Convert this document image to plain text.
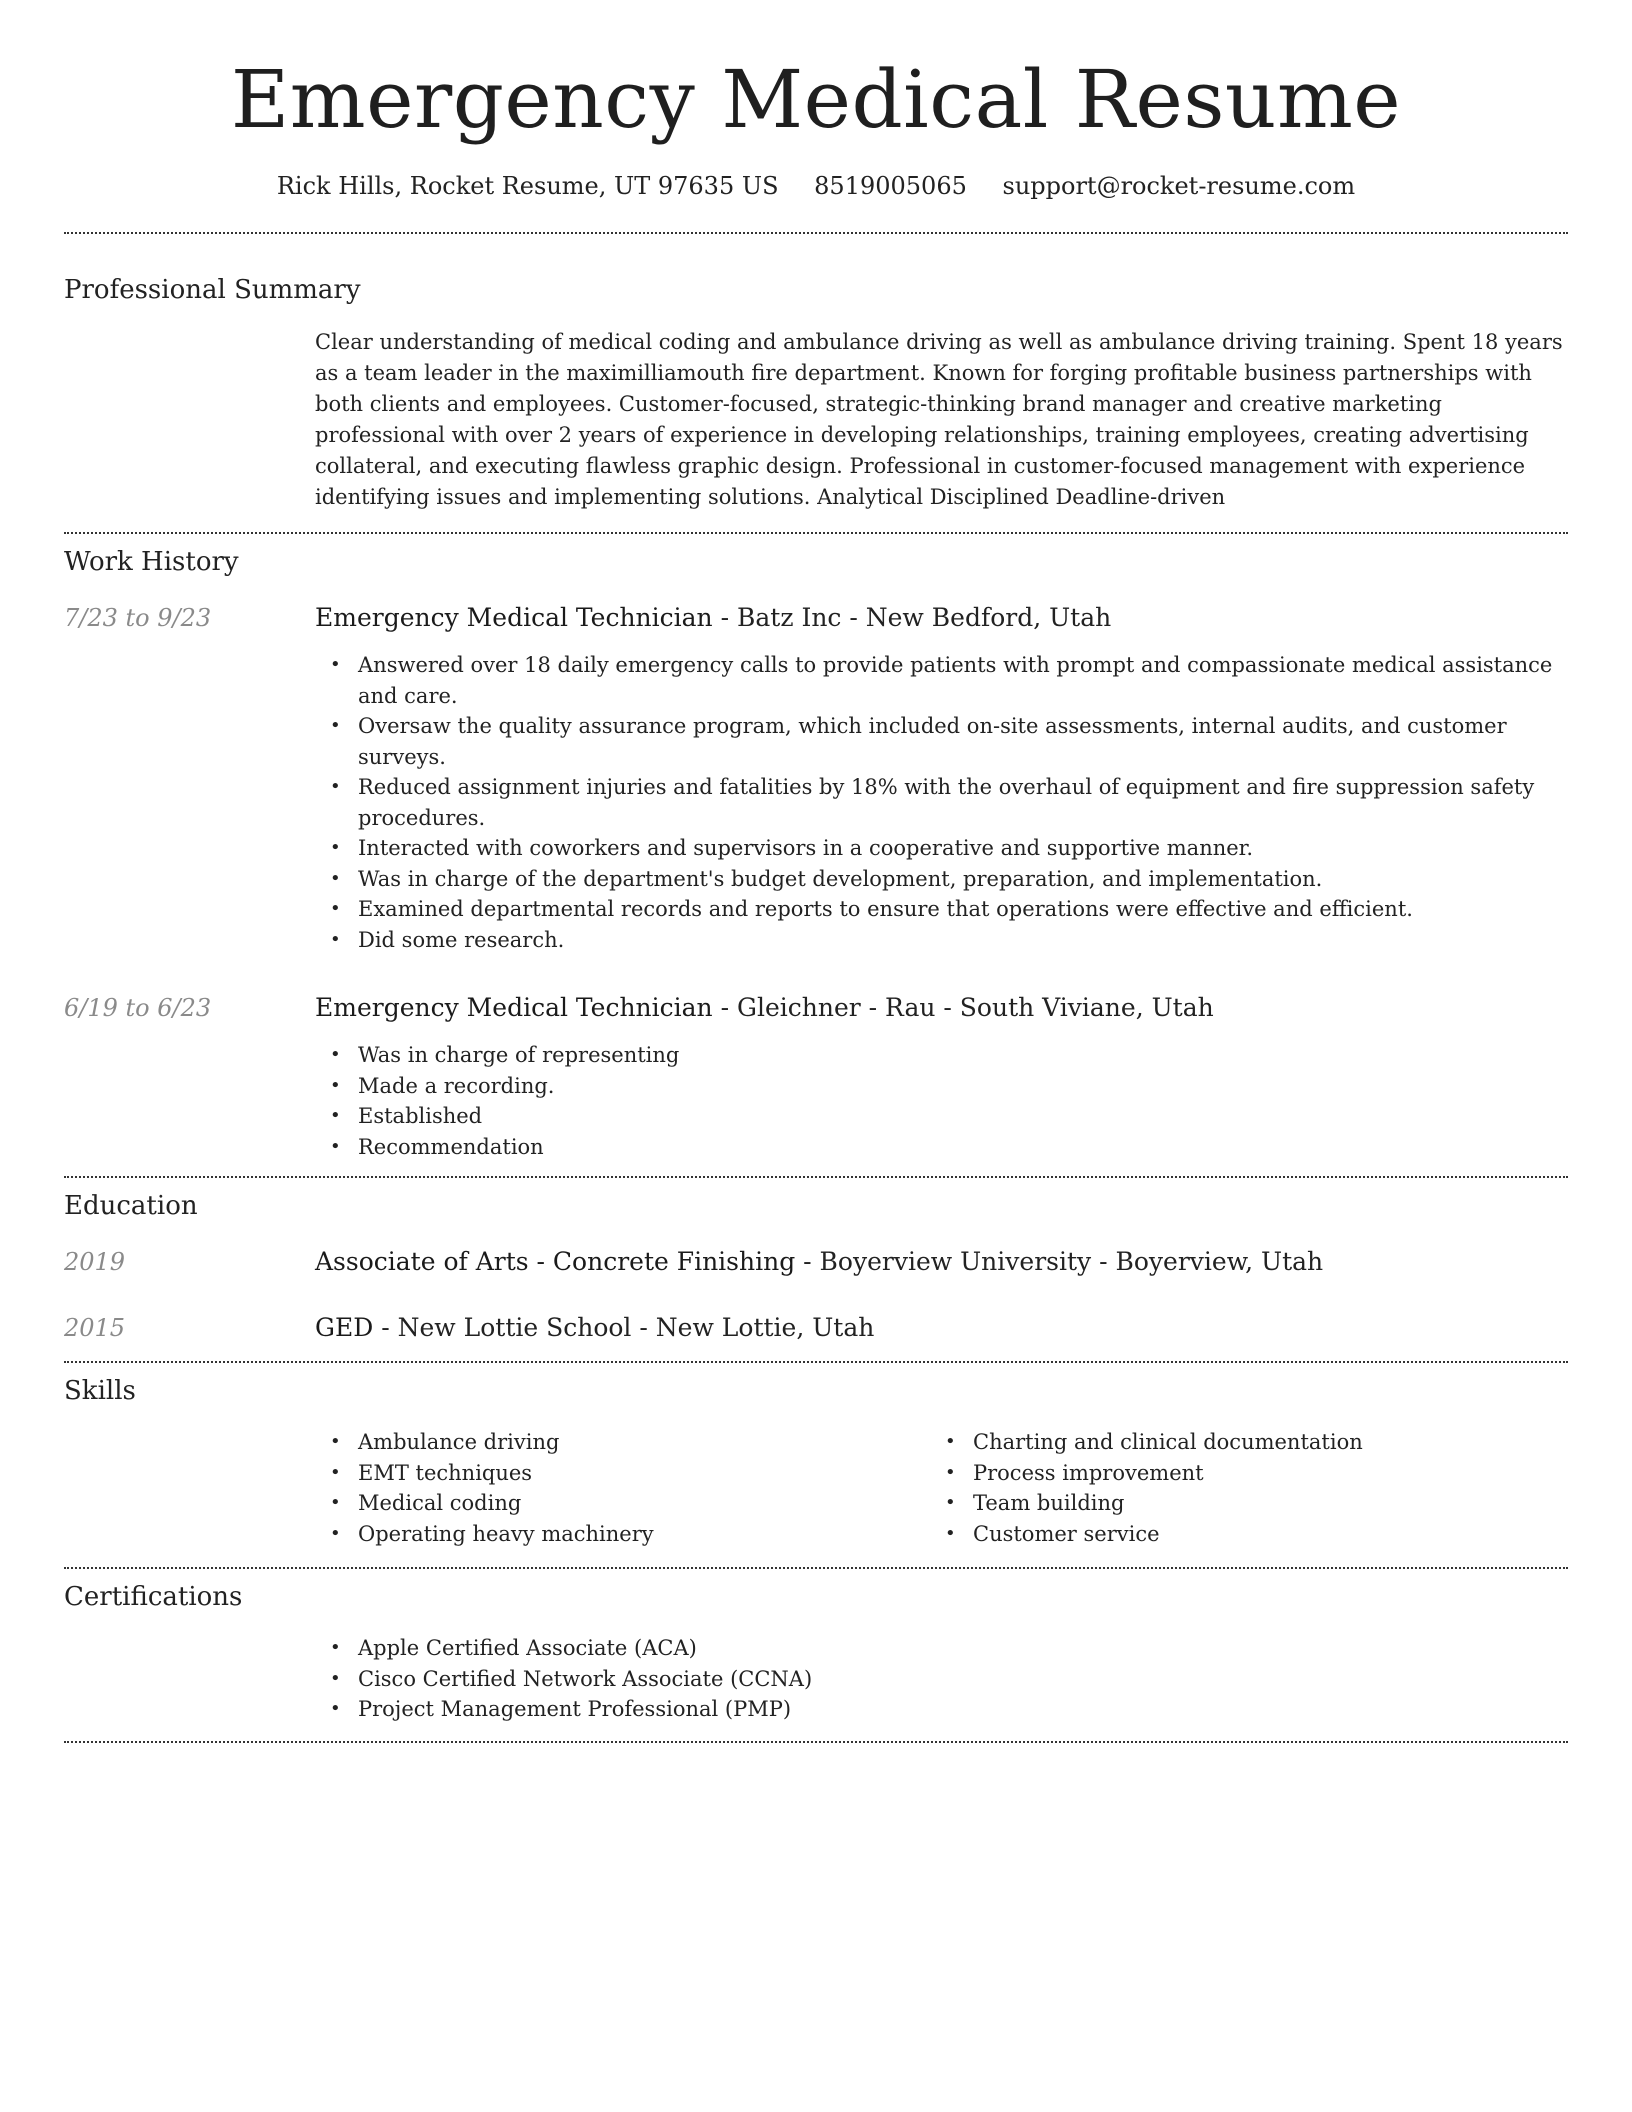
Emergency Medical Resume
Rick Hills, Rocket Resume, UT 97635 US 8519005065 support@rocket-resume.com
Professional Summary

Clear understanding of medical coding and ambulance driving as well as ambulance driving training. Spent 18 years as a team leader in the maximilliamouth fire department. Known for forging profitable business partnerships with both clients and employees. Customer-focused, strategic-thinking brand manager and creative marketing professional with over 2 years of experience in developing relationships, training employees, creating advertising collateral, and executing flawless graphic design. Professional in customer-focused management with experience identifying issues and implementing solutions. Analytical Disciplined Deadline-driven

Work History
7/23 to 9/23	Emergency Medical Technician - Batz Inc - New Bedford, Utah
• Answered over 18 daily emergency calls to provide patients with prompt and compassionate medical assistance and care.
• Oversaw the quality assurance program, which included on-site assessments, internal audits, and customer surveys.
• Reduced assignment injuries and fatalities by 18% with the overhaul of equipment and fire suppression safety procedures.
• Interacted with coworkers and supervisors in a cooperative and supportive manner.
• Was in charge of the department's budget development, preparation, and implementation.
• Examined departmental records and reports to ensure that operations were effective and efficient.
• Did some research.
6/19 to 6/23	Emergency Medical Technician - Gleichner - Rau - South Viviane, Utah
• Was in charge of representing
• Made a recording.
• Established
• Recommendation
Education
2019	Associate of Arts - Concrete Finishing - Boyerview University - Boyerview, Utah
2015	GED - New Lottie School - New Lottie, Utah
Skills
• Ambulance driving
• EMT techniques
• Medical coding
• Operating heavy machinery
• Charting and clinical documentation
• Process improvement
• Team building
• Customer service
Certifications
• Apple Certified Associate (ACA)
• Cisco Certified Network Associate (CCNA)
• Project Management Professional (PMP)
